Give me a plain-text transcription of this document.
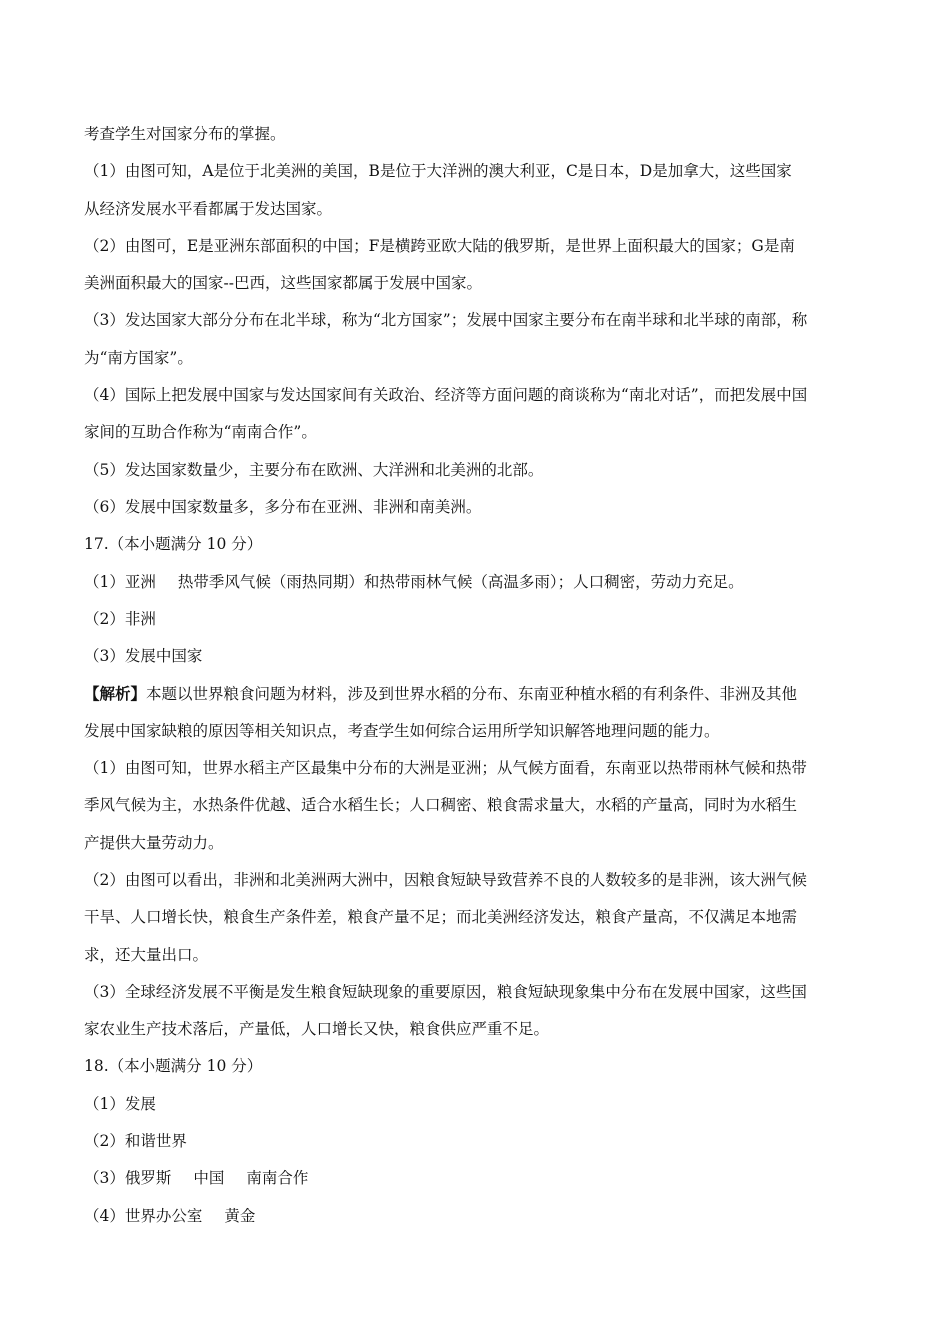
考查学生对国家分布的掌握。
（1）由图可知，A是位于北美洲的美国，B是位于大洋洲的澳大利亚，C是日本，D是加拿大，这些国家
从经济发展水平看都属于发达国家。
（2）由图可，E是亚洲东部面积的中国；F是横跨亚欧大陆的俄罗斯，是世界上面积最大的国家；G是南
美洲面积最大的国家--巴西，这些国家都属于发展中国家。
（3）发达国家大部分分布在北半球，称为“北方国家”；发展中国家主要分布在南半球和北半球的南部，称
为“南方国家”。
（4）国际上把发展中国家与发达国家间有关政治、经济等方面问题的商谈称为“南北对话”，而把发展中国
家间的互助合作称为“南南合作”。
（5）发达国家数量少，主要分布在欧洲、大洋洲和北美洲的北部。
（6）发展中国家数量多，多分布在亚洲、非洲和南美洲。
17.（本小题满分 10 分）
（1）亚洲 热带季风气候（雨热同期）和热带雨林气候（高温多雨）；人口稠密，劳动力充足。
（2）非洲
（3）发展中国家
【解析】本题以世界粮食问题为材料，涉及到世界水稻的分布、东南亚种植水稻的有利条件、非洲及其他
发展中国家缺粮的原因等相关知识点，考查学生如何综合运用所学知识解答地理问题的能力。
（1）由图可知，世界水稻主产区最集中分布的大洲是亚洲；从气候方面看，东南亚以热带雨林气候和热带
季风气候为主，水热条件优越、适合水稻生长；人口稠密、粮食需求量大，水稻的产量高，同时为水稻生
产提供大量劳动力。
（2）由图可以看出，非洲和北美洲两大洲中，因粮食短缺导致营养不良的人数较多的是非洲，该大洲气候
干旱、人口增长快，粮食生产条件差，粮食产量不足；而北美洲经济发达，粮食产量高，不仅满足本地需
求，还大量出口。
（3）全球经济发展不平衡是发生粮食短缺现象的重要原因，粮食短缺现象集中分布在发展中国家，这些国
家农业生产技术落后，产量低，人口增长又快，粮食供应严重不足。
18.（本小题满分 10 分）
（1）发展
（2）和谐世界
（3）俄罗斯 中国 南南合作
（4）世界办公室 黄金
